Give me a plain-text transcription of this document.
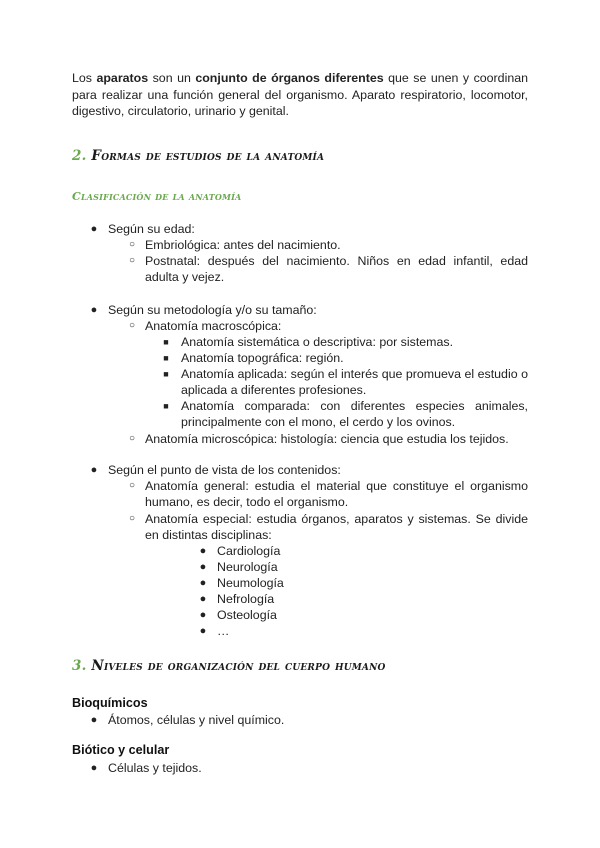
Los aparatos son un conjunto de órganos diferentes que se unen y coordinan para realizar una función general del organismo. Aparato respiratorio, locomotor, digestivo, circulatorio, urinario y genital.

2. Formas de estudios de la anatomía
Clasificación de la anatomía
● Según su edad:
○ Embriológica: antes del nacimiento.
○ Postnatal: después del nacimiento. Niños en edad infantil, edad adulta y vejez.
● Según su metodología y/o su tamaño:
○ Anatomía macroscópica:
■ Anatomía sistemática o descriptiva: por sistemas.
■ Anatomía topográfica: región.
■ Anatomía aplicada: según el interés que promueva el estudio o aplicada a diferentes profesiones.
■ Anatomía comparada: con diferentes especies animales, principalmente con el mono, el cerdo y los ovinos.
○ Anatomía microscópica: histología: ciencia que estudia los tejidos.
● Según el punto de vista de los contenidos:
○ Anatomía general: estudia el material que constituye el organismo humano, es decir, todo el organismo.
○ Anatomía especial: estudia órganos, aparatos y sistemas. Se divide en distintas disciplinas:
● Cardiología
● Neurología
● Neumología
● Nefrología
● Osteología
● …
3. Niveles de organización del cuerpo humano

Bioquímicos

● Átomos, células y nivel químico.

Biótico y celular

● Células y tejidos.
